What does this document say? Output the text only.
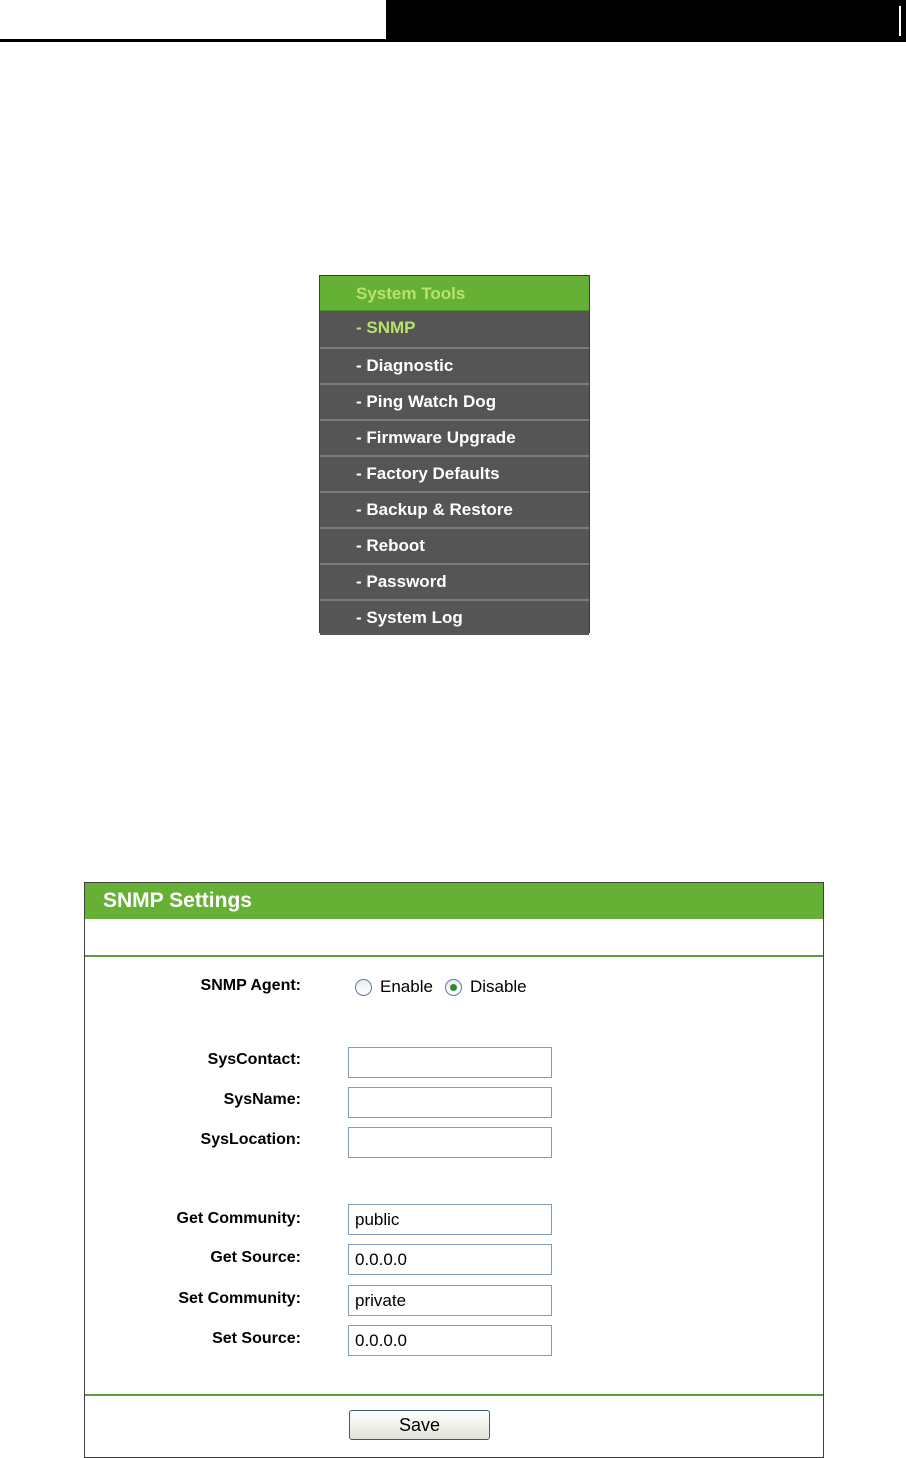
System Tools
- SNMP
- Diagnostic
- Ping Watch Dog
- Firmware Upgrade
- Factory Defaults
- Backup & Restore
- Reboot
- Password
- System Log
SNMP Settings
SNMP Agent:	Enable Disable
SysContact:
SysName:
SysLocation:
Get Community:
public
Get Source:
0.0.0.0
Set Community:
private
Set Source:
0.0.0.0
Save
